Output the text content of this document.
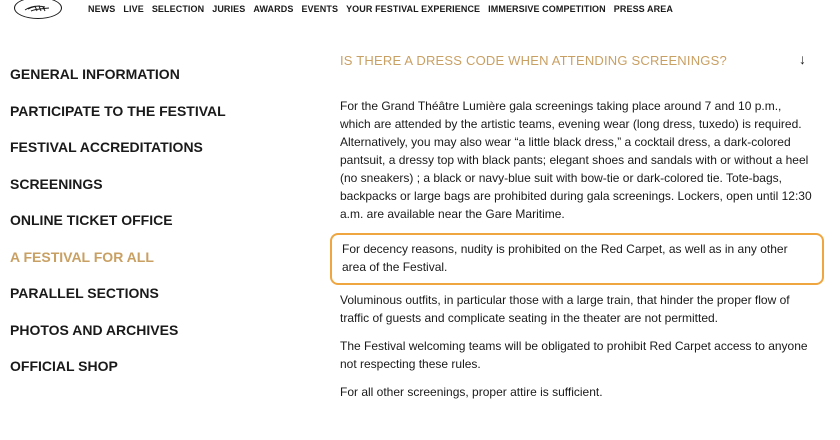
NEWS LIVE SELECTION JURIES AWARDS EVENTS YOUR FESTIVAL EXPERIENCE IMMERSIVE COMPETITION PRESS AREA
GENERAL INFORMATION
PARTICIPATE TO THE FESTIVAL
FESTIVAL ACCREDITATIONS
SCREENINGS
ONLINE TICKET OFFICE
A FESTIVAL FOR ALL
PARALLEL SECTIONS
PHOTOS AND ARCHIVES
OFFICIAL SHOP
IS THERE A DRESS CODE WHEN ATTENDING SCREENINGS?	↓
For the Grand Théâtre Lumière gala screenings taking place around 7 and 10 p.m., which are attended by the artistic teams, evening wear (long dress, tuxedo) is required. Alternatively, you may also wear “a little black dress,” a cocktail dress, a dark-colored pantsuit, a dressy top with black pants; elegant shoes and sandals with or without a heel (no sneakers) ; a black or navy-blue suit with bow-tie or dark-colored tie. Tote-bags, backpacks or large bags are prohibited during gala screenings. Lockers, open until 12:30 a.m. are available near the Gare Maritime.
For decency reasons, nudity is prohibited on the Red Carpet, as well as in any other area of the Festival.
Voluminous outfits, in particular those with a large train, that hinder the proper flow of traffic of guests and complicate seating in the theater are not permitted.
The Festival welcoming teams will be obligated to prohibit Red Carpet access to anyone not respecting these rules.
For all other screenings, proper attire is sufficient.
